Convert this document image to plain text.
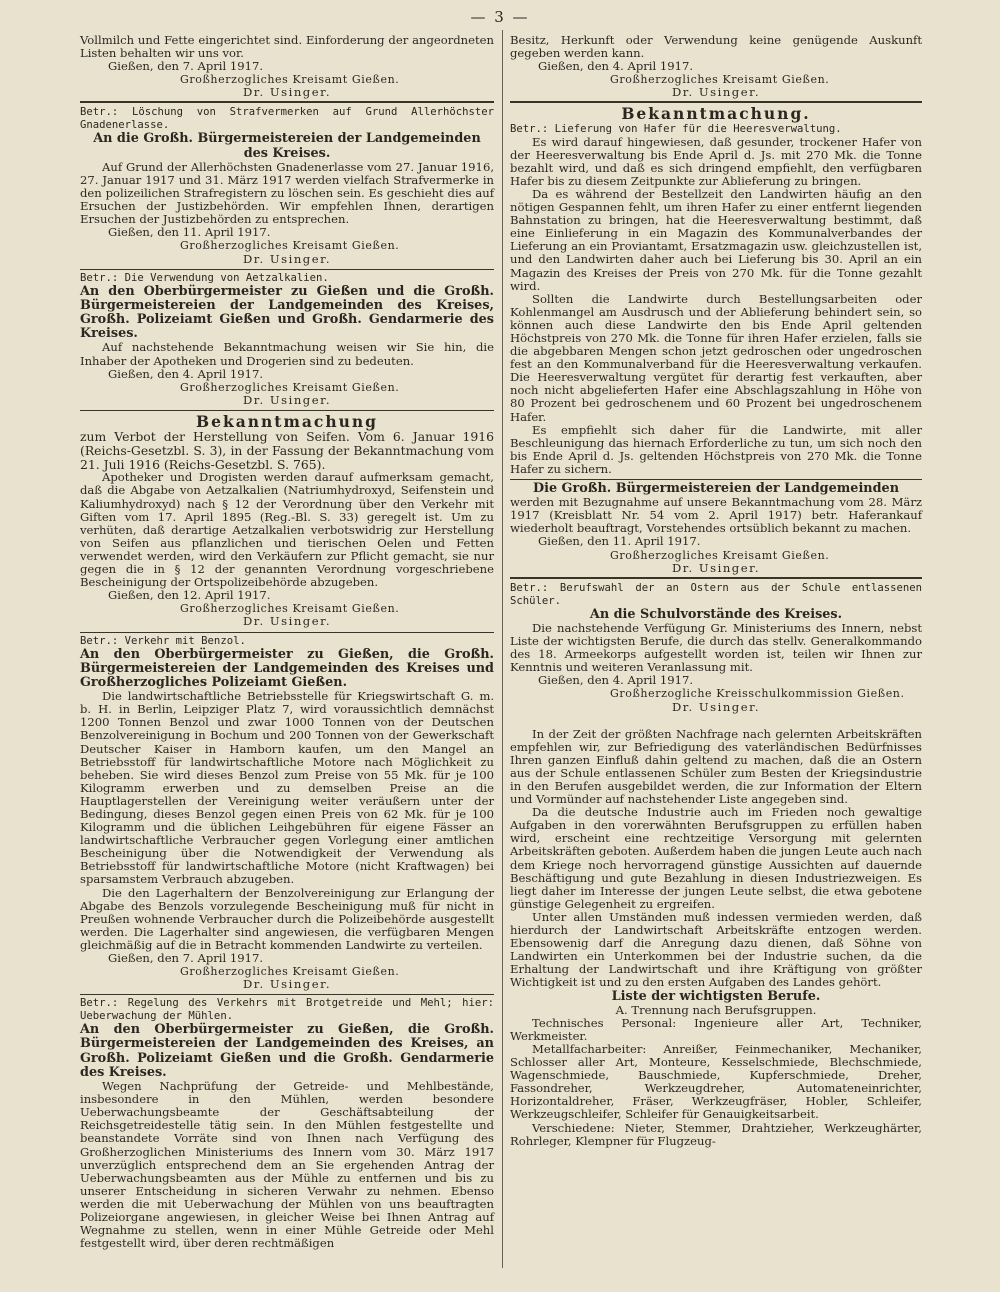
— 3 —

Vollmilch und Fette eingerichtet sind. Einforderung der angeordneten Listen behalten wir uns vor.

Gießen, den 7. April 1917.

Großherzogliches Kreisamt Gießen.

Dr. Usinger.

Betr.: Löschung von Strafvermerken auf Grund Allerhöchster Gnadenerlasse.

An die Großh. Bürgermeistereien der Landgemeinden des Kreises.

Auf Grund der Allerhöchsten Gnadenerlasse vom 27. Januar 1916, 27. Januar 1917 und 31. März 1917 werden vielfach Strafvermerke in den polizeilichen Strafregistern zu löschen sein. Es geschieht dies auf Ersuchen der Justizbehörden. Wir empfehlen Ihnen, derartigen Ersuchen der Justizbehörden zu entsprechen.

Gießen, den 11. April 1917.

Großherzogliches Kreisamt Gießen.

Dr. Usinger.

Betr.: Die Verwendung von Aetzalkalien.

An den Oberbürgermeister zu Gießen und die Großh. Bürgermeistereien der Landgemeinden des Kreises, Großh. Polizeiamt Gießen und Großh. Gendarmerie des Kreises.

Auf nachstehende Bekanntmachung weisen wir Sie hin, die Inhaber der Apotheken und Drogerien sind zu bedeuten.

Gießen, den 4. April 1917.

Großherzogliches Kreisamt Gießen.

Dr. Usinger.

Bekanntmachung

zum Verbot der Herstellung von Seifen. Vom 6. Januar 1916 (Reichs-Gesetzbl. S. 3), in der Fassung der Bekanntmachung vom 21. Juli 1916 (Reichs-Gesetzbl. S. 765).

Apotheker und Drogisten werden darauf aufmerksam gemacht, daß die Abgabe von Aetzalkalien (Natriumhydroxyd, Seifenstein und Kaliumhydroxyd) nach § 12 der Verordnung über den Verkehr mit Giften vom 17. April 1895 (Reg.-Bl. S. 33) geregelt ist. Um zu verhüten, daß derartige Aetzalkalien verbotswidrig zur Herstellung von Seifen aus pflanzlichen und tierischen Oelen und Fetten verwendet werden, wird den Verkäufern zur Pflicht gemacht, sie nur gegen die in § 12 der genannten Verordnung vorgeschriebene Bescheinigung der Ortspolizeibehörde abzugeben.

Gießen, den 12. April 1917.

Großherzogliches Kreisamt Gießen.

Dr. Usinger.

Betr.: Verkehr mit Benzol.

An den Oberbürgermeister zu Gießen, die Großh. Bürgermeistereien der Landgemeinden des Kreises und Großherzogliches Polizeiamt Gießen.

Die landwirtschaftliche Betriebsstelle für Kriegswirtschaft G. m. b. H. in Berlin, Leipziger Platz 7, wird voraussichtlich demnächst 1200 Tonnen Benzol und zwar 1000 Tonnen von der Deutschen Benzolvereinigung in Bochum und 200 Tonnen von der Gewerkschaft Deutscher Kaiser in Hamborn kaufen, um den Mangel an Betriebsstoff für landwirtschaftliche Motore nach Möglichkeit zu beheben. Sie wird dieses Benzol zum Preise von 55 Mk. für je 100 Kilogramm erwerben und zu demselben Preise an die Hauptlagerstellen der Vereinigung weiter veräußern unter der Bedingung, dieses Benzol gegen einen Preis von 62 Mk. für je 100 Kilogramm und die üblichen Leihgebühren für eigene Fässer an landwirtschaftliche Verbraucher gegen Vorlegung einer amtlichen Bescheinigung über die Notwendigkeit der Verwendung als Betriebsstoff für landwirtschaftliche Motore (nicht Kraftwagen) bei sparsamstem Verbrauch abzugeben.

Die den Lagerhaltern der Benzolvereinigung zur Erlangung der Abgabe des Benzols vorzulegende Bescheinigung muß für nicht in Preußen wohnende Verbraucher durch die Polizeibehörde ausgestellt werden. Die Lagerhalter sind angewiesen, die verfügbaren Mengen gleichmäßig auf die in Betracht kommenden Landwirte zu verteilen.

Gießen, den 7. April 1917.

Großherzogliches Kreisamt Gießen.

Dr. Usinger.

Betr.: Regelung des Verkehrs mit Brotgetreide und Mehl; hier: Ueberwachung der Mühlen.

An den Oberbürgermeister zu Gießen, die Großh. Bürgermeistereien der Landgemeinden des Kreises, an Großh. Polizeiamt Gießen und die Großh. Gendarmerie des Kreises.

Wegen Nachprüfung der Getreide- und Mehlbestände, insbesondere in den Mühlen, werden besondere Ueberwachungsbeamte der Geschäftsabteilung der Reichsgetreidestelle tätig sein. In den Mühlen festgestellte und beanstandete Vorräte sind von Ihnen nach Verfügung des Großherzoglichen Ministeriums des Innern vom 30. März 1917 unverzüglich entsprechend dem an Sie ergehenden Antrag der Ueberwachungsbeamten aus der Mühle zu entfernen und bis zu unserer Entscheidung in sicheren Verwahr zu nehmen. Ebenso werden die mit Ueberwachung der Mühlen von uns beauftragten Polizeiorgane angewiesen, in gleicher Weise bei Ihnen Antrag auf Wegnahme zu stellen, wenn in einer Mühle Getreide oder Mehl festgestellt wird, über deren rechtmäßigen

Besitz, Herkunft oder Verwendung keine genügende Auskunft gegeben werden kann.

Gießen, den 4. April 1917.

Großherzogliches Kreisamt Gießen.

Dr. Usinger.

Bekanntmachung.

Betr.: Lieferung von Hafer für die Heeresverwaltung.

Es wird darauf hingewiesen, daß gesunder, trockener Hafer von der Heeresverwaltung bis Ende April d. Js. mit 270 Mk. die Tonne bezahlt wird, und daß es sich dringend empfiehlt, den verfügbaren Hafer bis zu diesem Zeitpunkte zur Ablieferung zu bringen.

Da es während der Bestellzeit den Landwirten häufig an den nötigen Gespannen fehlt, um ihren Hafer zu einer entfernt liegenden Bahnstation zu bringen, hat die Heeresverwaltung bestimmt, daß eine Einlieferung in ein Magazin des Kommunalverbandes der Lieferung an ein Proviantamt, Ersatzmagazin usw. gleichzustellen ist, und den Landwirten daher auch bei Lieferung bis 30. April an ein Magazin des Kreises der Preis von 270 Mk. für die Tonne gezahlt wird.

Sollten die Landwirte durch Bestellungsarbeiten oder Kohlenmangel am Ausdrusch und der Ablieferung behindert sein, so können auch diese Landwirte den bis Ende April geltenden Höchstpreis von 270 Mk. die Tonne für ihren Hafer erzielen, falls sie die abgebbaren Mengen schon jetzt gedroschen oder ungedroschen fest an den Kommunalverband für die Heeresverwaltung verkaufen. Die Heeresverwaltung vergütet für derartig fest verkauften, aber noch nicht abgelieferten Hafer eine Abschlagszahlung in Höhe von 80 Prozent bei gedroschenem und 60 Prozent bei ungedroschenem Hafer.

Es empfiehlt sich daher für die Landwirte, mit aller Beschleunigung das hiernach Erforderliche zu tun, um sich noch den bis Ende April d. Js. geltenden Höchstpreis von 270 Mk. die Tonne Hafer zu sichern.

Die Großh. Bürgermeistereien der Landgemeinden

werden mit Bezugnahme auf unsere Bekanntmachung vom 28. März 1917 (Kreisblatt Nr. 54 vom 2. April 1917) betr. Haferankauf wiederholt beauftragt, Vorstehendes ortsüblich bekannt zu machen.

Gießen, den 11. April 1917.

Großherzogliches Kreisamt Gießen.

Dr. Usinger.

Betr.: Berufswahl der an Ostern aus der Schule entlassenen Schüler.

An die Schulvorstände des Kreises.

Die nachstehende Verfügung Gr. Ministeriums des Innern, nebst Liste der wichtigsten Berufe, die durch das stellv. Generalkommando des 18. Armeekorps aufgestellt worden ist, teilen wir Ihnen zur Kenntnis und weiteren Veranlassung mit.

Gießen, den 4. April 1917.

Großherzogliche Kreisschulkommission Gießen.

Dr. Usinger.

In der Zeit der größten Nachfrage nach gelernten Arbeitskräften empfehlen wir, zur Befriedigung des vaterländischen Bedürfnisses Ihren ganzen Einfluß dahin geltend zu machen, daß die an Ostern aus der Schule entlassenen Schüler zum Besten der Kriegsindustrie in den Berufen ausgebildet werden, die zur Information der Eltern und Vormünder auf nachstehender Liste angegeben sind.

Da die deutsche Industrie auch im Frieden noch gewaltige Aufgaben in den vorerwähnten Berufsgruppen zu erfüllen haben wird, erscheint eine rechtzeitige Versorgung mit gelernten Arbeitskräften geboten. Außerdem haben die jungen Leute auch nach dem Kriege noch hervorragend günstige Aussichten auf dauernde Beschäftigung und gute Bezahlung in diesen Industriezweigen. Es liegt daher im Interesse der jungen Leute selbst, die etwa gebotene günstige Gelegenheit zu ergreifen.

Unter allen Umständen muß indessen vermieden werden, daß hierdurch der Landwirtschaft Arbeitskräfte entzogen werden. Ebensowenig darf die Anregung dazu dienen, daß Söhne von Landwirten ein Unterkommen bei der Industrie suchen, da die Erhaltung der Landwirtschaft und ihre Kräftigung von größter Wichtigkeit ist und zu den ersten Aufgaben des Landes gehört.

Liste der wichtigsten Berufe.

A. Trennung nach Berufsgruppen.

Technisches Personal: Ingenieure aller Art, Techniker, Werkmeister.

Metallfacharbeiter: Anreißer, Feinmechaniker, Mechaniker, Schlosser aller Art, Monteure, Kesselschmiede, Blechschmiede, Wagenschmiede, Bauschmiede, Kupferschmiede, Dreher, Fassondreher, Werkzeugdreher, Automateneinrichter, Horizontaldreher, Fräser, Werkzeugfräser, Hobler, Schleifer, Werkzeugschleifer, Schleifer für Genauigkeitsarbeit.

Verschiedene: Nieter, Stemmer, Drahtzieher, Werkzeughärter, Rohrleger, Klempner für Flugzeug-
